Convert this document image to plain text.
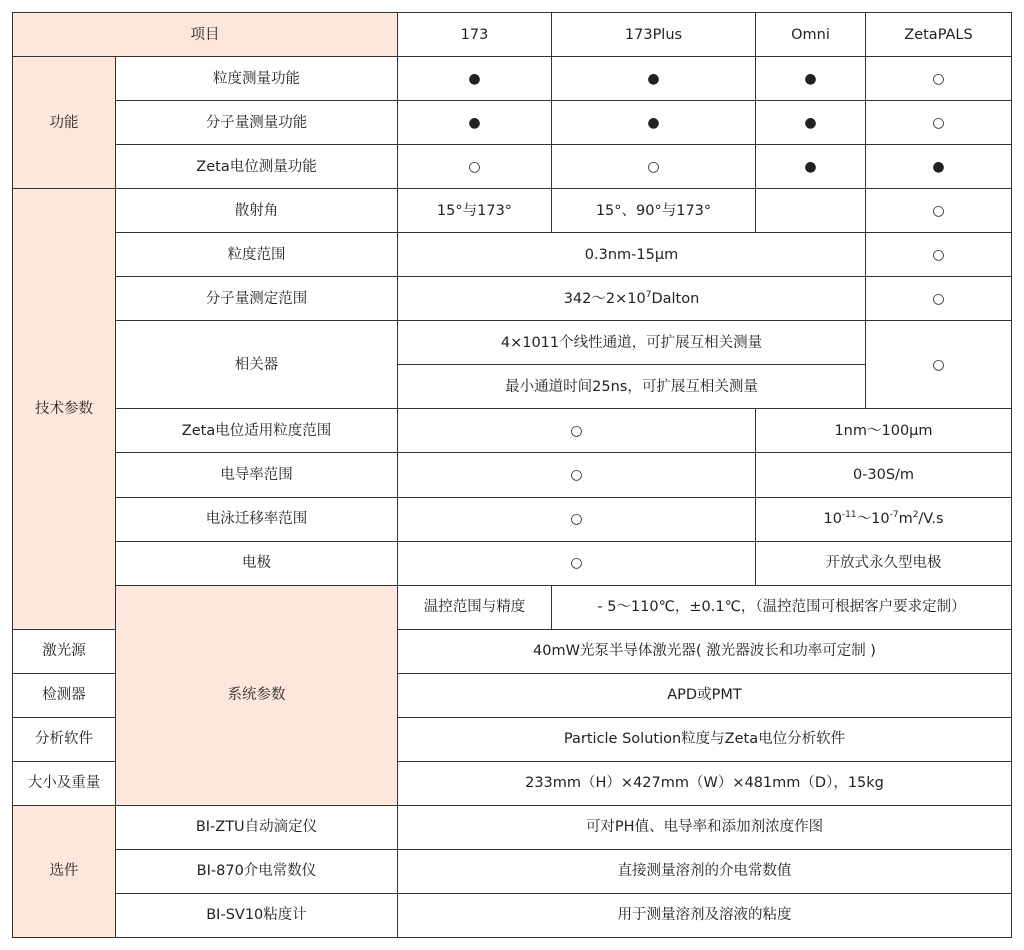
项目		173	173Plus	Omni	ZetaPALS
功能	粒度测量功能	●	●	●	○
	分子量测量功能	●	●	●	○
	Zeta电位测量功能	○	○	●	●
技术参数	散射角	15°与173°	15°、90°与173°		○
	粒度范围	0.3nm-15μm			○
	分子量测定范围	$342\sim 2\times 10^7Dalton$			○
	相关器	4×1011个线性通道，可扩展互相关测量			○
		最小通道时间25ns，可扩展互相关测量			
	Zeta电位适用粒度范围	○		1nm～100μm	
	电导率范围	○		0-30S/m	
	电泳迁移率范围	○		$10^{-11}\sim 10^{-7}m^2/V.s$	
	电极	○		开放式永久型电极	
	系统参数	温控范围与精度	- 5～110℃，±0.1℃，（温控范围可根据客户要求定制）		
激光源		40mW光泵半导体激光器( 激光器波长和功率可定制 )			
检测器		APD或PMT			
分析软件		Particle Solution粒度与Zeta电位分析软件			
大小及重量		233mm（H）×427mm（W）×481mm（D），15kg			
选件	BI-ZTU自动滴定仪	可对PH值、电导率和添加剂浓度作图			
	BI-870介电常数仪	直接测量溶剂的介电常数值			
	BI-SV10粘度计	用于测量溶剂及溶液的粘度			
